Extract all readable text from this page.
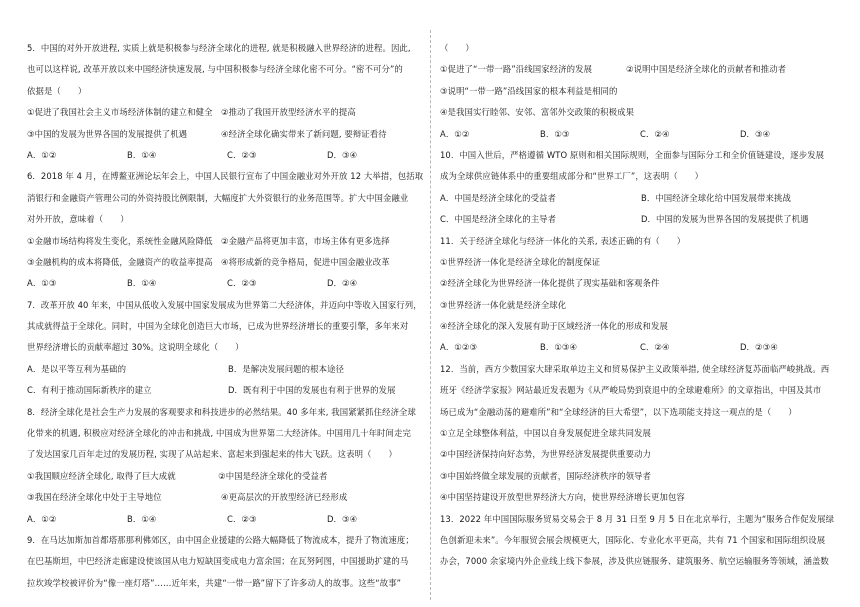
5．中国的对外开放进程, 实质上就是积极参与经济全球化的进程, 就是积极融入世界经济的进程。因此,
也可以这样说, 改革开放以来中国经济快速发展, 与中国积极参与经济全球化密不可分。“密不可分”的
依据是（　　）
①促进了我国社会主义市场经济体制的建立和健全　②推动了我国开放型经济水平的提高
③中国的发展为世界各国的发展提供了机遇　　　　④经济全球化确实带来了新问题, 要辩证看待
A．①②	B．①④	C．②③	D．③④
6．2018 年 4 月，在博鳌亚洲论坛年会上，中国人民银行宣布了中国金融业对外开放 12 大举措，包括取
消银行和金融资产管理公司的外资持股比例限制，大幅度扩大外资银行的业务范围等。扩大中国金融业
对外开放，意味着（　　）
①金融市场结构将发生变化，系统性金融风险降低　②金融产品将更加丰富，市场主体有更多选择
③金融机构的成本将降低，金融资产的收益率提高　④将形成新的竞争格局，促进中国金融业改革
A．①③	B．①④	C．②③	D．②④
7．改革开放 40 年来，中国从低收入发展中国家发展成为世界第二大经济体，并迈向中等收入国家行列，
其成就得益于全球化。同时，中国为全球化创造巨大市场，已成为世界经济增长的重要引擎，多年来对
世界经济增长的贡献率超过 30%。这说明全球化（　　）
A．是以平等互利为基础的	B．是解决发展问题的根本途径
C．有利于推动国际新秩序的建立	D．既有利于中国的发展也有利于世界的发展
8．经济全球化是社会生产力发展的客观要求和科技进步的必然结果。40 多年来, 我国紧紧抓住经济全球
化带来的机遇, 积极应对经济全球化的冲击和挑战, 中国成为世界第二大经济体。中国用几十年时间走完
了发达国家几百年走过的发展历程, 实现了从站起来、富起来到强起来的伟大飞跃。这表明（　　）
①我国顺应经济全球化, 取得了巨大成就　　　　　②中国是经济全球化的受益者
③我国在经济全球化中处于主导地位　　　　　　　④更高层次的开放型经济已经形成
A．①②	B．①④	C．②③	D．③④
9．在马达加斯加首都塔那那利佛郊区，由中国企业援建的公路大幅降低了物流成本，提升了物流速度；
在巴基斯坦，中巴经济走廊建设使该国从电力短缺国变成电力富余国；在瓦努阿图，中国援助扩建的马
拉坎竣学校被评价为“像一座灯塔”……近年来，共建“一带一路”留下了许多动人的故事。这些“故事”
（　　）
①促进了“一带一路”沿线国家经济的发展　　　　②说明中国是经济全球化的贡献者和推动者
③说明“一带一路”沿线国家的根本利益是相同的
④是我国实行睦邻、安邻、富邻外交政策的积极成果
A．①②	B．①③	C．②④	D．③④
10．中国入世后，严格遵循 WTO 原则和相关国际规则，全面参与国际分工和全价值链建设，逐步发展
成为全球供应链体系中的重要组成部分和“世界工厂”，这表明（　　）
A．中国是经济全球化的受益者	B．中国经济全球化给中国发展带来挑战
C．中国是经济全球化的主导者	D．中国的发展为世界各国的发展提供了机遇
11．关于经济全球化与经济一体化的关系, 表述正确的有（　　）
①世界经济一体化是经济全球化的制度保证
②经济全球化为世界经济一体化提供了现实基础和客观条件
③世界经济一体化就是经济全球化
④经济全球化的深入发展有助于区域经济一体化的形成和发展
A．①②③	B．①③④	C．②④	D．②③④
12．当前，西方少数国家大肆采取单边主义和贸易保护主义政策举措, 使全球经济复苏面临严峻挑战。西
班牙《经济学家报》网站最近发表题为《从严峻局势到衰退中的全球避难所》的文章指出，中国及其市
场已成为“金融动荡的避难所”和“全球经济的巨大希望”，以下选项能支持这一观点的是（　　）
①立足全球整体利益，中国以自身发展促进全球共同发展
②中国经济保持向好态势，为世界经济发展提供重要动力
③中国始终做全球发展的贡献者，国际经济秩序的领导者
④中国坚持建设开放型世界经济大方向，使世界经济增长更加包容
13．2022 年中国国际服务贸易交易会于 8 月 31 日至 9 月 5 日在北京举行，主题为“服务合作促发展绿
色创新迎未来”。今年服贸会展会规模更大，国际化、专业化水平更高，共有 71 个国家和国际组织设展
办会，7000 余家境内外企业线上线下参展，涉及供应链服务、建筑服务、航空运输服务等领域，涵盖数
